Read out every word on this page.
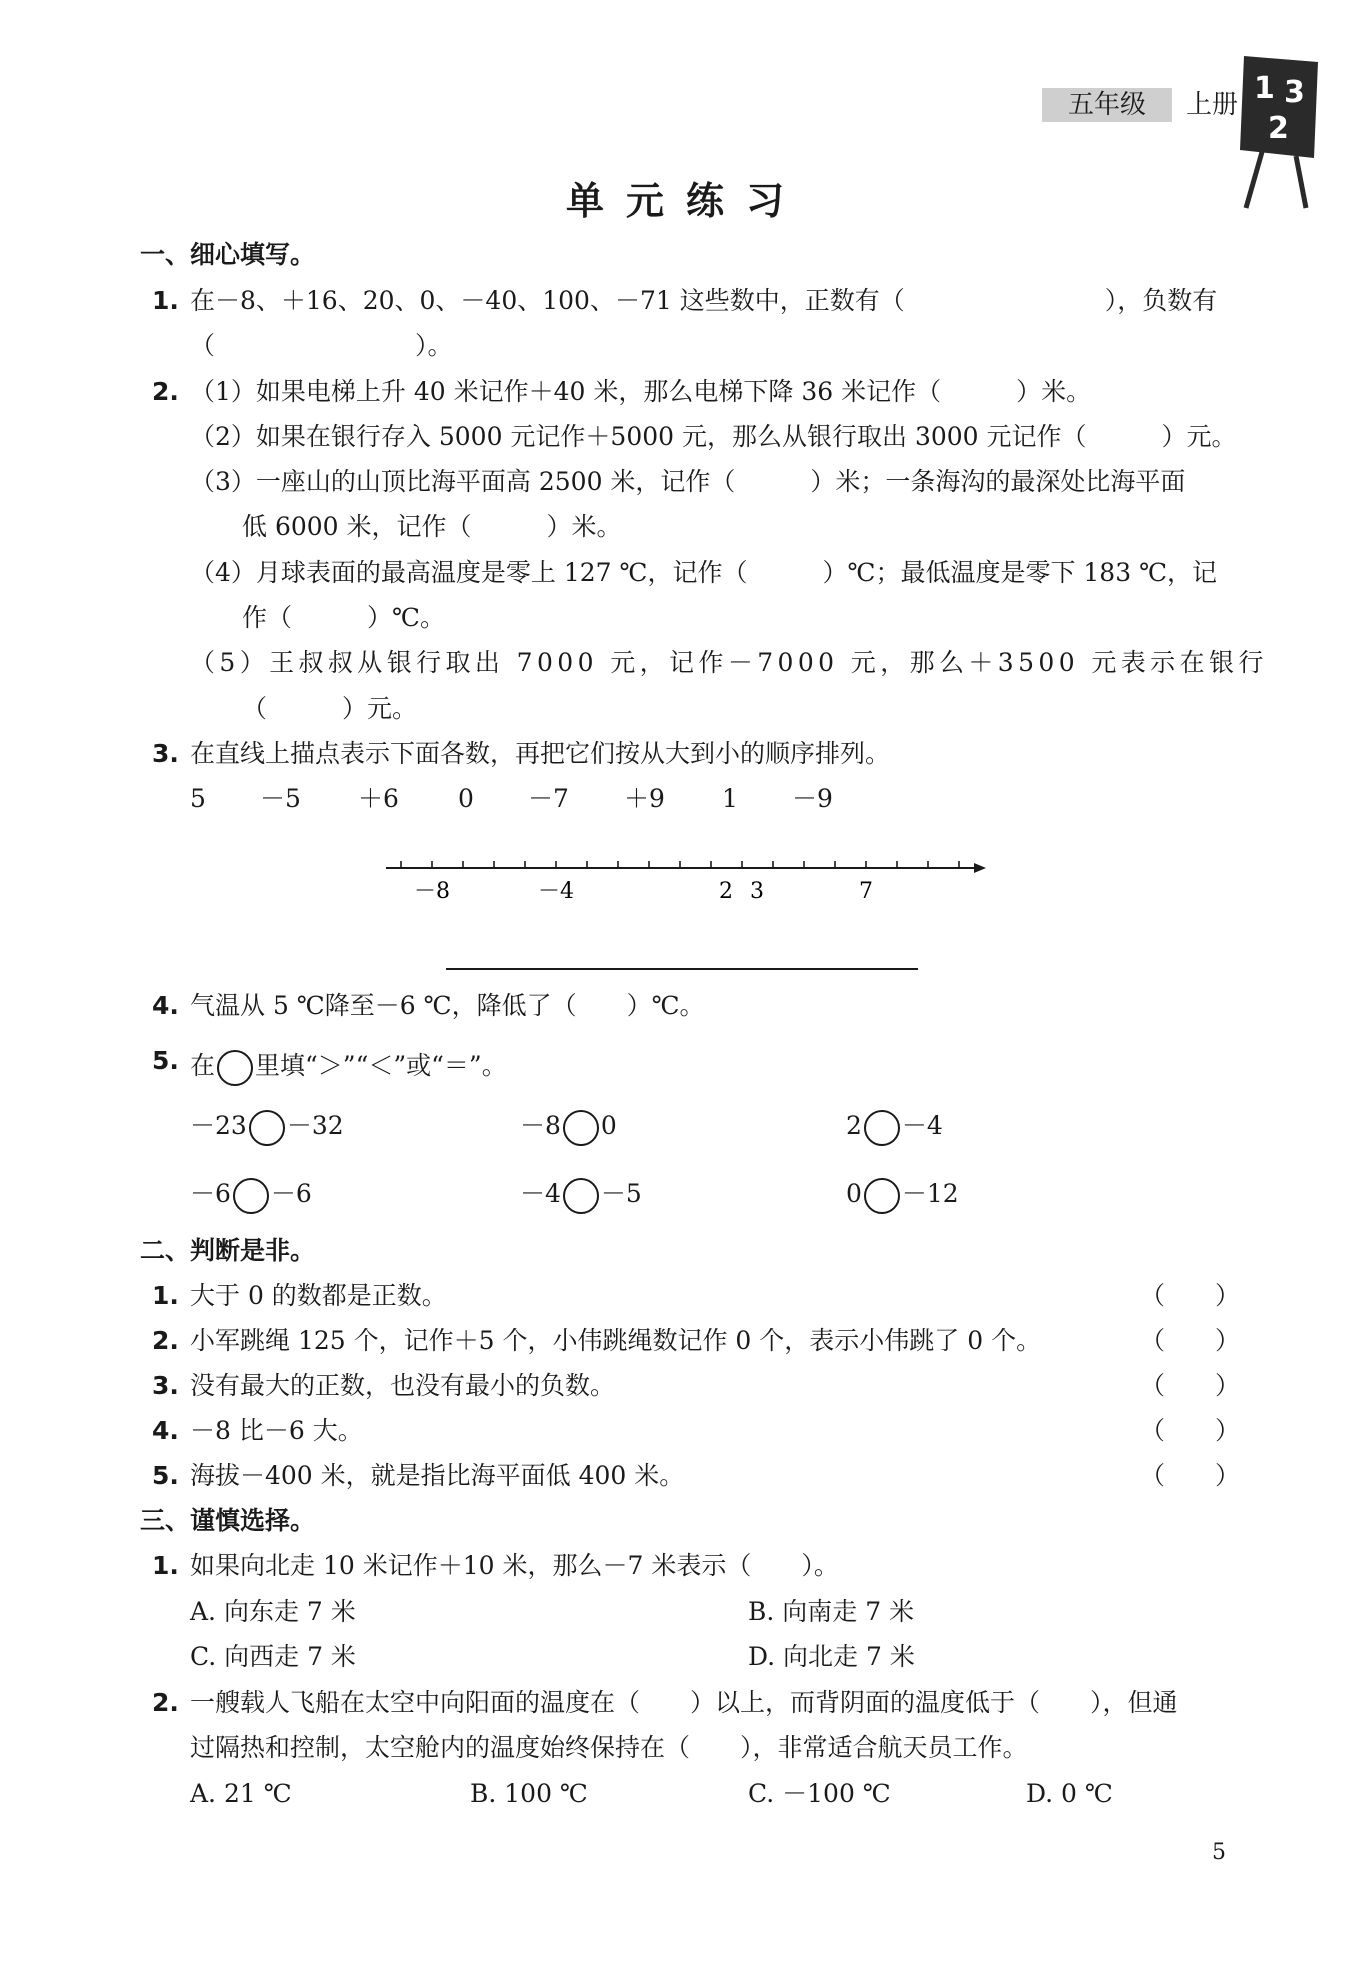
五年级	上册 1 3
2
单元练习
一、细心填写。
1. 在－8、＋16、20、0、－40、100、－71 这些数中，正数有（　　　　　　　　），负数有
（　　　　　　　　）。
2. （1）如果电梯上升 40 米记作＋40 米，那么电梯下降 36 米记作（　　　）米。
（2）如果在银行存入 5000 元记作＋5000 元，那么从银行取出 3000 元记作（　　　）元。
（3）一座山的山顶比海平面高 2500 米，记作（　　　）米；一条海沟的最深处比海平面
低 6000 米，记作（　　　）米。
（4）月球表面的最高温度是零上 127 ℃，记作（　　　）℃；最低温度是零下 183 ℃，记
作（　　　）℃。
（5）王叔叔从银行取出 7000 元，记作－7000 元，那么＋3500 元表示在银行
（　　　）元。
3. 在直线上描点表示下面各数，再把它们按从大到小的顺序排列。
5 －5 ＋6 0 －7 ＋9 1 －9
－8	－4	2 3	7
4. 气温从 5 ℃降至－6 ℃，降低了（　　）℃。
5. 在 里填“＞”“＜”或“＝”。
－23 －32	－8 0	2 －4
－6 －6	－4 －5	0 －12
二、判断是非。
1. 大于 0 的数都是正数。	（　　）
2. 小军跳绳 125 个，记作＋5 个，小伟跳绳数记作 0 个，表示小伟跳了 0 个。	（　　）
3. 没有最大的正数，也没有最小的负数。	（　　）
4. －8 比－6 大。	（　　）
5. 海拔－400 米，就是指比海平面低 400 米。	（　　）
三、谨慎选择。
1. 如果向北走 10 米记作＋10 米，那么－7 米表示（　　）。
A. 向东走 7 米	B. 向南走 7 米
C. 向西走 7 米	D. 向北走 7 米
2. 一艘载人飞船在太空中向阳面的温度在（　　）以上，而背阴面的温度低于（　　），但通
过隔热和控制，太空舱内的温度始终保持在（　　），非常适合航天员工作。
A. 21 ℃	B. 100 ℃	C. －100 ℃	D. 0 ℃
5
